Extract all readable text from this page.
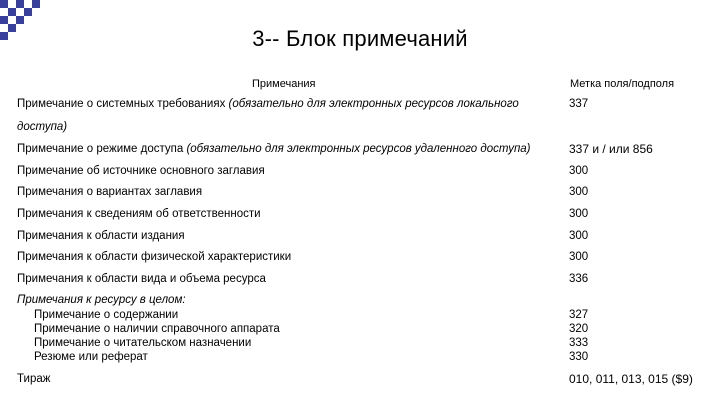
3-- Блок примечаний
Примечания	Метка поля/подполя
Примечание о системных требованиях (обязательно для электронных ресурсов локального	337
доступа)
Примечание о режиме доступа (обязательно для электронных ресурсов удаленного доступа)	337 и / или 856
Примечание об источнике основного заглавия	300
Примечания о вариантах заглавия	300
Примечания к сведениям об ответственности	300
Примечания к области издания	300
Примечания к области физической характеристики	300
Примечания к области вида и объема ресурса	336
Примечания к ресурсу в целом:
Примечание о содержании	327
Примечание о наличии справочного аппарата	320
Примечание о читательском назначении	333
Резюме или реферат	330
Тираж	010, 011, 013, 015 ($9)
